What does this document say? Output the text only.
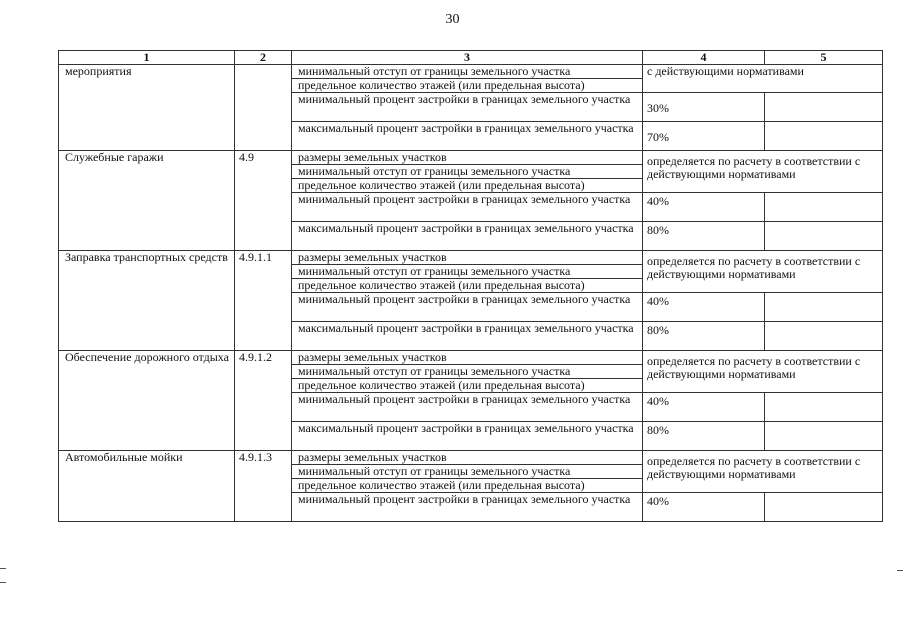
30
1	2	3	4	5
мероприятия		минимальный отступ от границы земельного участка	с действующими нормативами	
		предельное количество этажей (или предельная высота)		
		минимальный процент застройки в границах земельного участка	30%	
		максимальный процент застройки в границах земельного участка	70%	
Служебные гаражи	4.9	размеры земельных участков	определяется по расчету в соответствии с действующими нормативами	
		минимальный отступ от границы земельного участка		
		предельное количество этажей (или предельная высота)		
		минимальный процент застройки в границах земельного участка	40%	
		максимальный процент застройки в границах земельного участка	80%	
Заправка транспортных средств	4.9.1.1	размеры земельных участков	определяется по расчету в соответствии с действующими нормативами	
		минимальный отступ от границы земельного участка		
		предельное количество этажей (или предельная высота)		
		минимальный процент застройки в границах земельного участка	40%	
		максимальный процент застройки в границах земельного участка	80%	
Обеспечение дорожного отдыха	4.9.1.2	размеры земельных участков	определяется по расчету в соответствии с действующими нормативами	
		минимальный отступ от границы земельного участка		
		предельное количество этажей (или предельная высота)		
		минимальный процент застройки в границах земельного участка	40%	
		максимальный процент застройки в границах земельного участка	80%	
Автомобильные мойки	4.9.1.3	размеры земельных участков	определяется по расчету в соответствии с действующими нормативами	
		минимальный отступ от границы земельного участка		
		предельное количество этажей (или предельная высота)		
		минимальный процент застройки в границах земельного участка	40%	
